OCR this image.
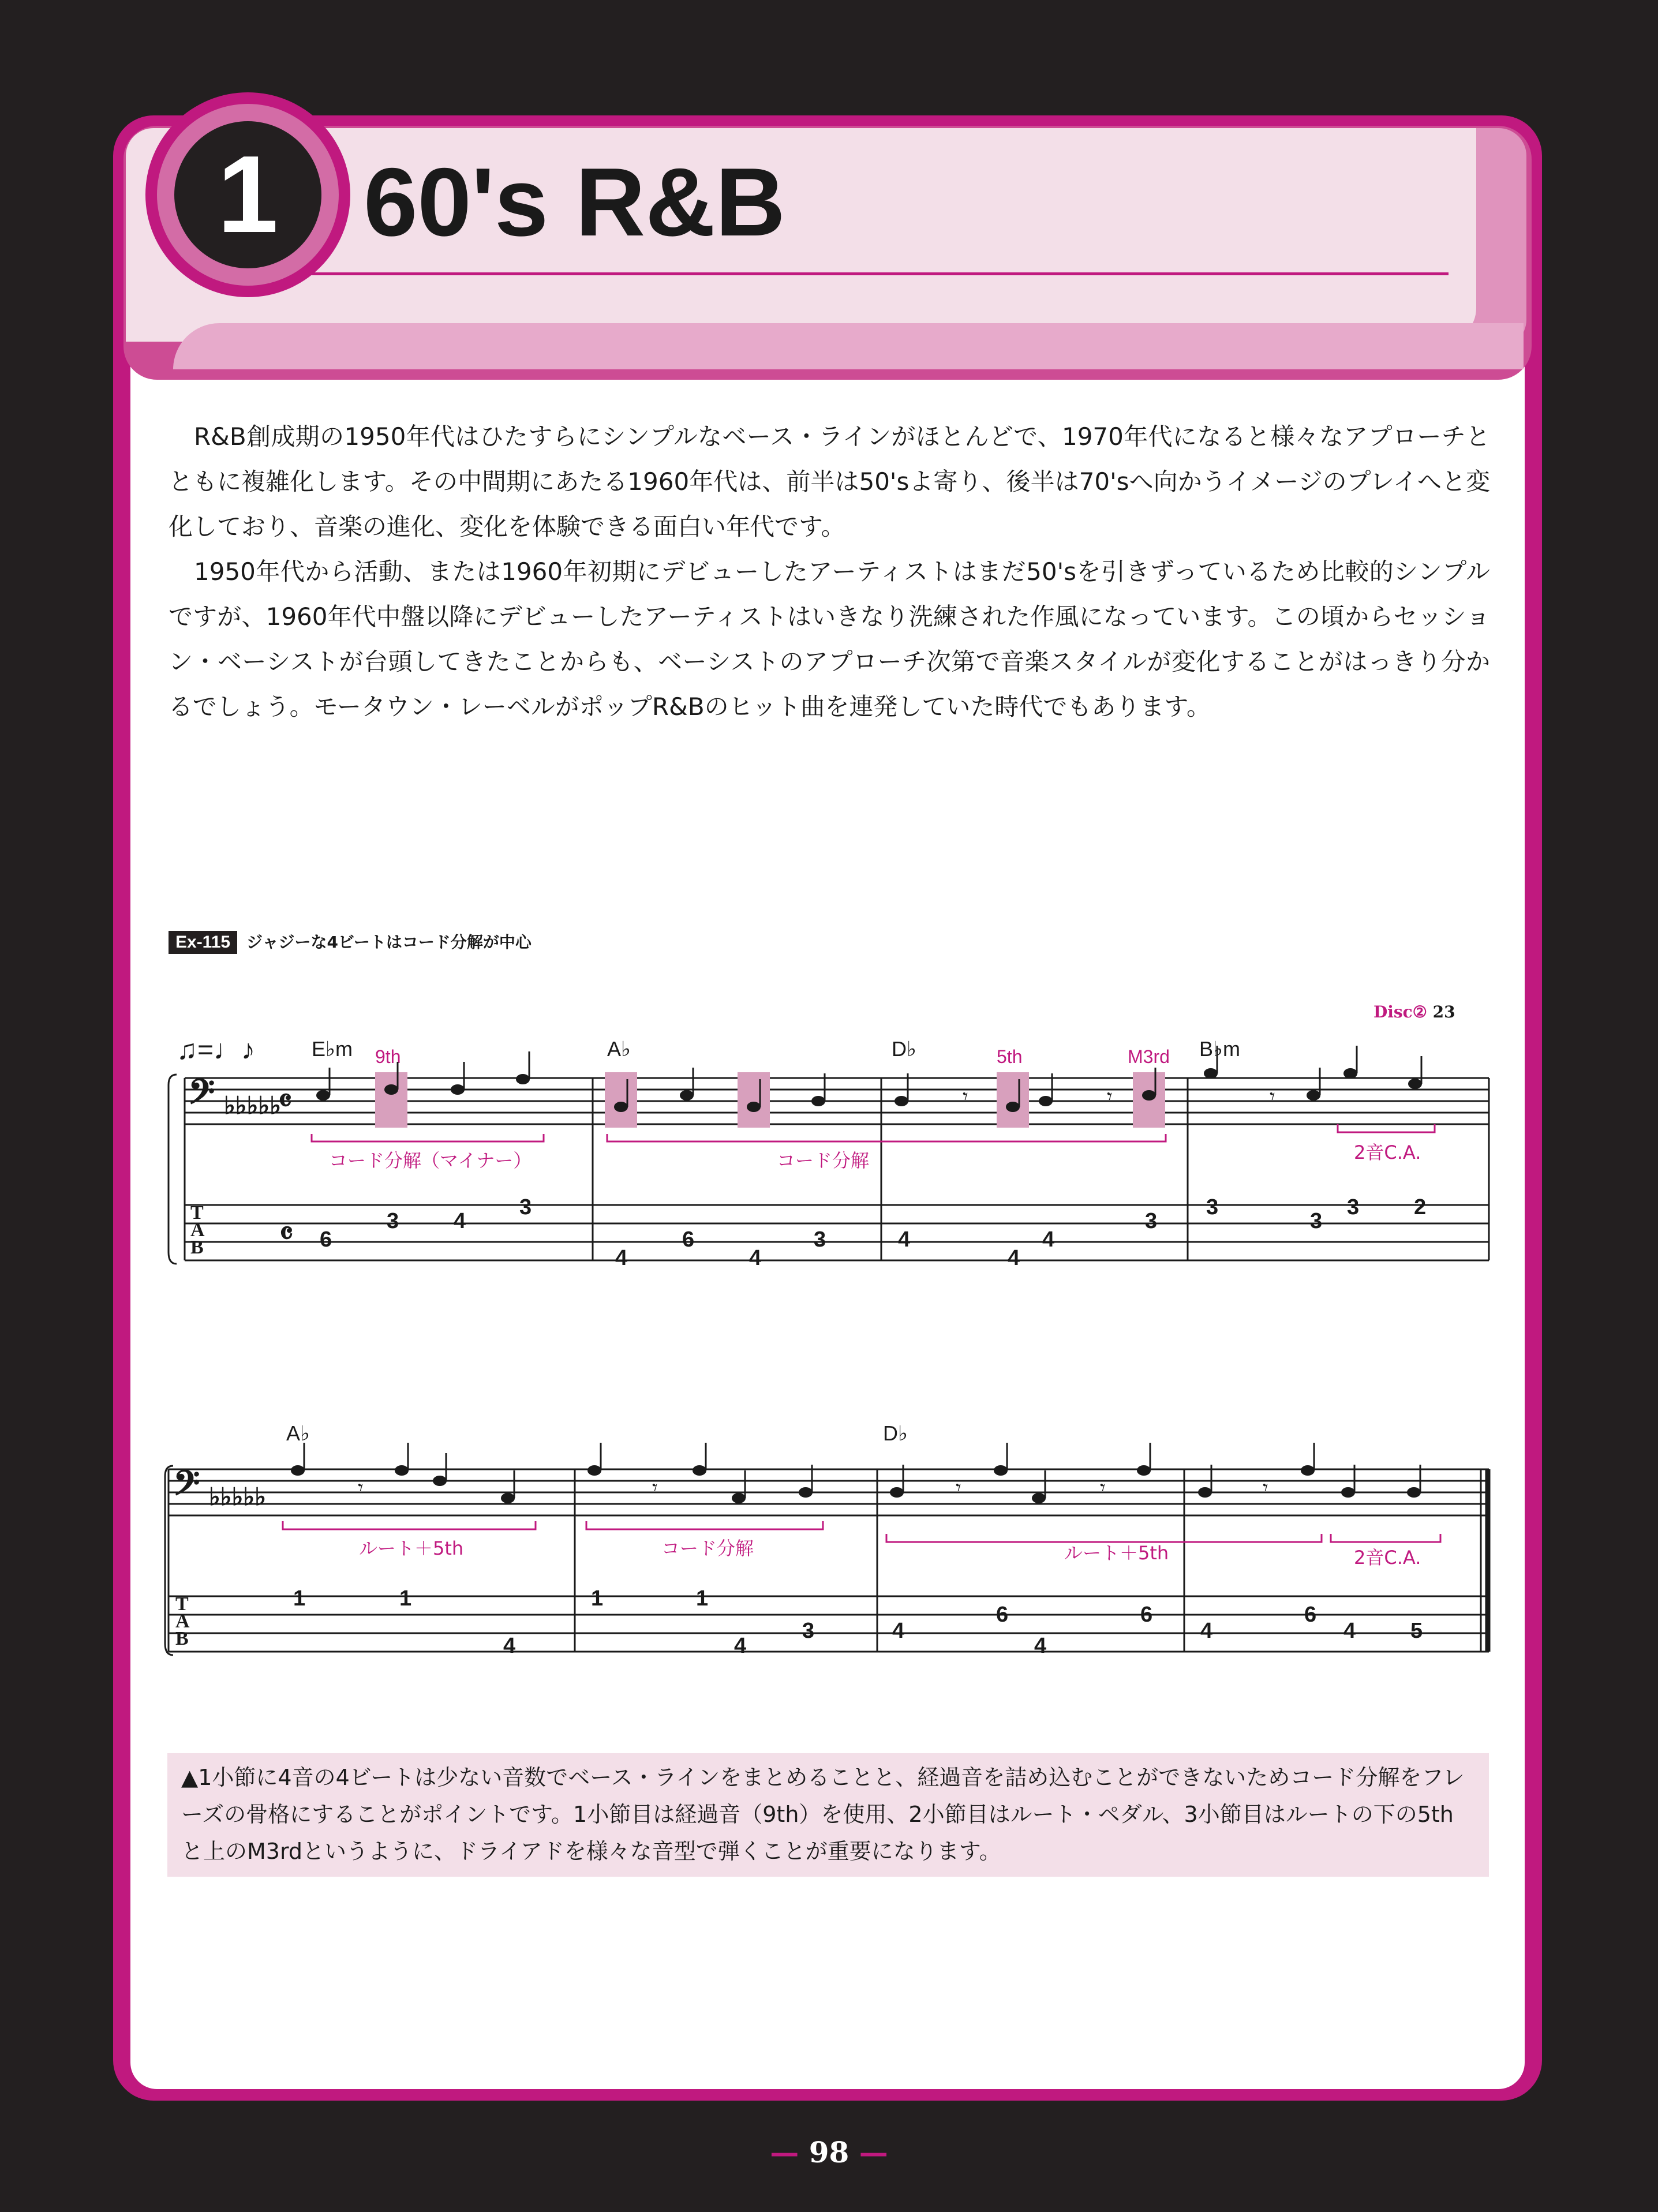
1 60's R&B

R&B創成期の1950年代はひたすらにシンプルなベース・ラインがほとんどで、1970年代になると様々なアプローチとともに複雑化します。その中間期にあたる1960年代は、前半は50'sよ寄り、後半は70'sへ向かうイメージのプレイへと変化しており、音楽の進化、変化を体験できる面白い年代です。

1950年代から活動、または1960年初期にデビューしたアーティストはまだ50'sを引きずっているため比較的シンプルですが、1960年代中盤以降にデビューしたアーティストはいきなり洗練された作風になっています。この頃からセッション・ベーシストが台頭してきたことからも、ベーシストのアプローチ次第で音楽スタイルが変化することがはっきり分かるでしょう。モータウン・レーベルがポップR&Bのヒット曲を連発していた時代でもあります。

Ex-115	ジャジーな4ビートはコード分解が中心
Disc② 23
♫=♩♪	E♭m	A♭	D♭	B♭m
9th	5th	M3rd
𝄢 ♭♭♭♭♭
𝄴
T
A
B 𝄴
𝄾	𝄾	𝄾
コード分解（マイナー）	コード分解	2音C.A.
6
3 4
3
4
6
4
3	4
4
4
3
3
3
3 2
A♭	D♭
𝄢 ♭♭♭♭♭
T
A
B
𝄾	𝄾	𝄾	𝄾	𝄾
ルート＋5th	コード分解	ルート＋5th	2音C.A.
1	1
4
1	1
4
3	4
6
4
6
4
6
4 5
▲1小節に4音の4ビートは少ない音数でベース・ラインをまとめることと、経過音を詰め込むことができないためコード分解をフレーズの骨格にすることがポイントです。1小節目は経過音（9th）を使用、2小節目はルート・ペダル、3小節目はルートの下の5thと上のM3rdというように、ドライアドを様々な音型で弾くことが重要になります。
— 98 —
